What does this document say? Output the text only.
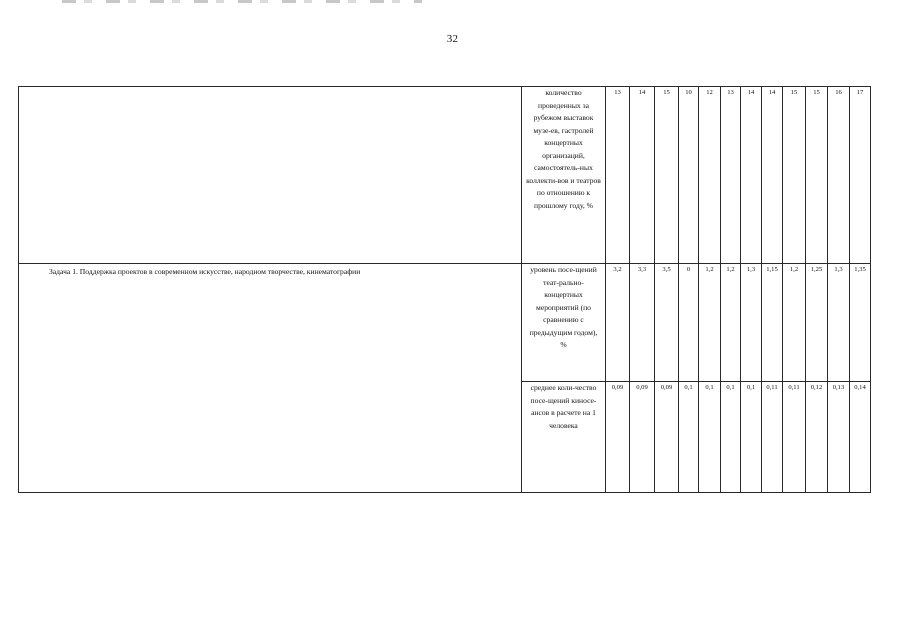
32
	количество проведенных за рубежом выставок музе-ев, гастролей концертных организаций, самостоятель-ных коллекти-вов и театров по отношению к прошлому году, %	13	14	15	10	12	13	14	14	15	15	16	17
Задача 1. Поддержка проектов в современном искусстве, народном творчестве, кинематографии	уровень посе-щений теат-рально-концертных мероприятий (по сравнению с предыдущим годом), %	3,2	3,3	3,5	0	1,2	1,2	1,3	1,15	1,2	1,25	1,3	1,35
	среднее коли-чество посе-щений киносе-ансов в расчете на 1 человека	0,09	0,09	0,09	0,1	0,1	0,1	0,1	0,11	0,11	0,12	0,13	0,14
